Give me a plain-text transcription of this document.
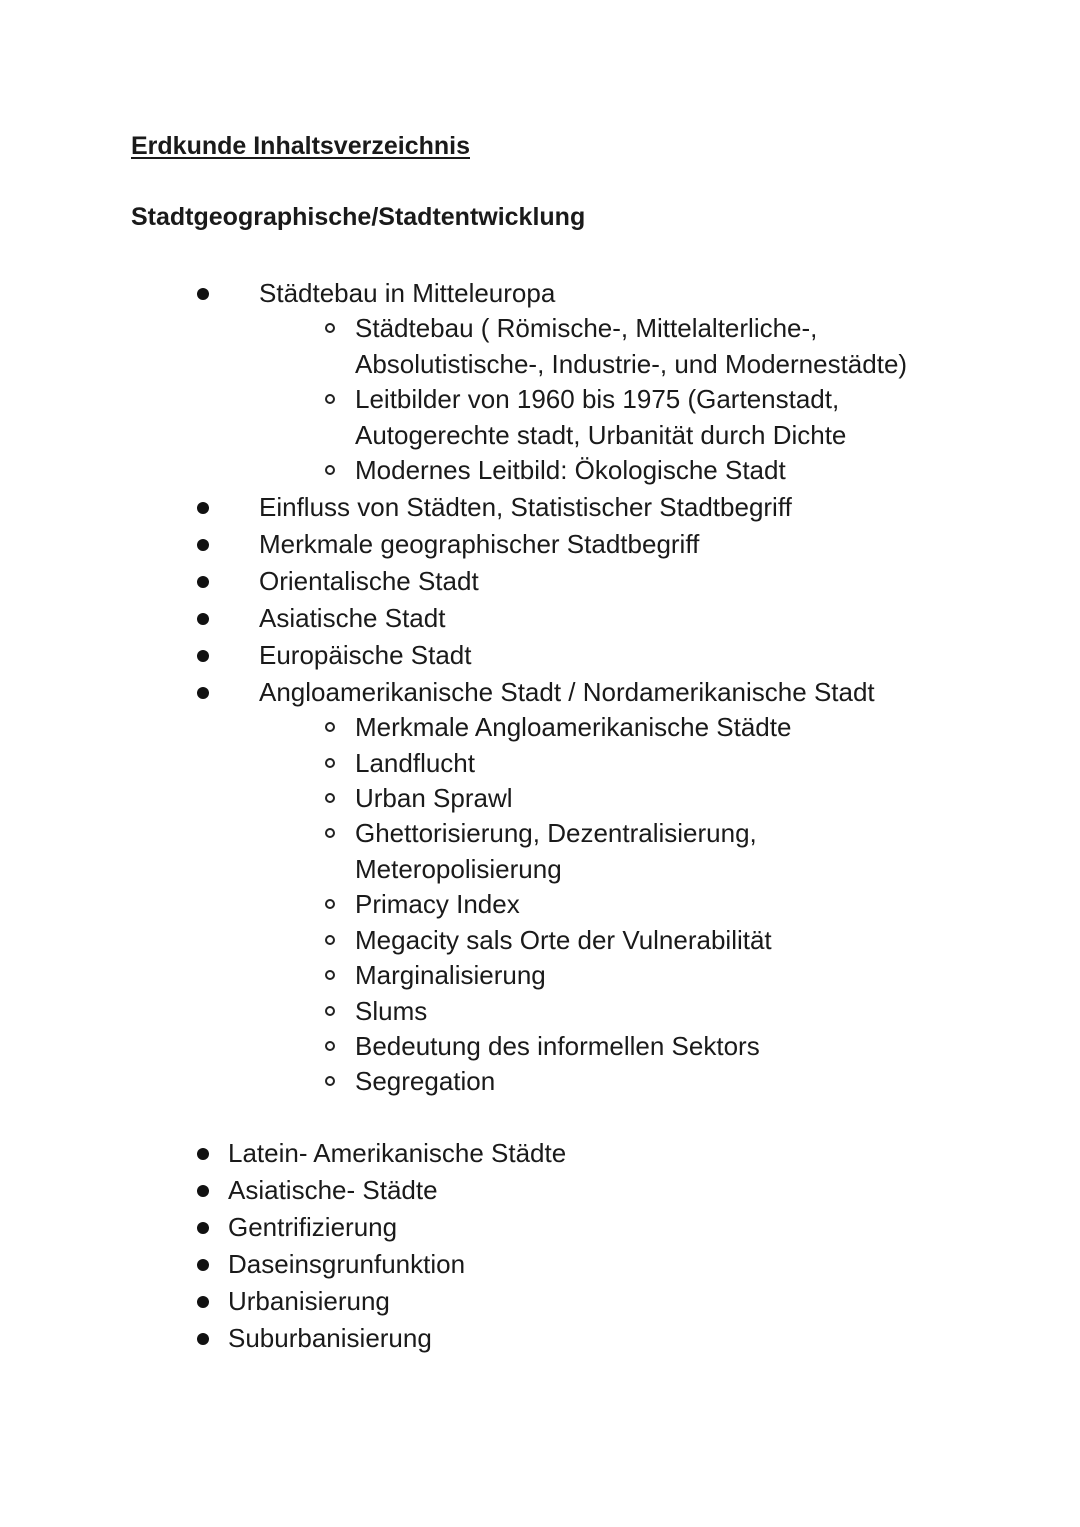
Erdkunde Inhaltsverzeichnis
Stadtgeographische/Stadtentwicklung
Städtebau in Mitteleuropa
Städtebau ( Römische-, Mittelalterliche-,
Absolutistische-, Industrie-, und Modernestädte)
Leitbilder von 1960 bis 1975 (Gartenstadt,
Autogerechte stadt, Urbanität durch Dichte
Modernes Leitbild: Ökologische Stadt
Einfluss von Städten, Statistischer Stadtbegriff
Merkmale geographischer Stadtbegriff
Orientalische Stadt
Asiatische Stadt
Europäische Stadt
Angloamerikanische Stadt / Nordamerikanische Stadt
Merkmale Angloamerikanische Städte
Landflucht
Urban Sprawl
Ghettorisierung, Dezentralisierung,
Meteropolisierung
Primacy Index
Megacity sals Orte der Vulnerabilität
Marginalisierung
Slums
Bedeutung des informellen Sektors
Segregation
Latein- Amerikanische Städte
Asiatische- Städte
Gentrifizierung
Daseinsgrunfunktion
Urbanisierung
Suburbanisierung
